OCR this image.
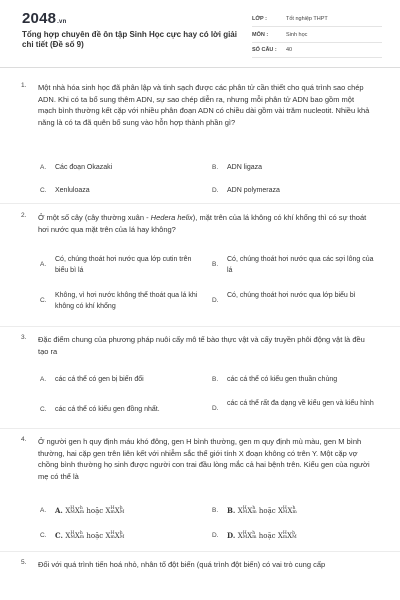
2048.vn
Tổng hợp chuyên đề ôn tập Sinh Học cực hay có lời giải chi tiết (Đề số 9)
LỚP :	Tốt nghiệp THPT
MÔN :	Sinh học
SỐ CÂU : 40
1. Một nhà hóa sinh học đã phân lập và tinh sạch được các phân tử cần thiết cho quá trình sao chép ADN. Khi có ta bổ sung thêm ADN, sự sao chép diễn ra, nhưng mỗi phân tử ADN bao gồm một mạch bình thường kết cặp với nhiều phân đoạn ADN có chiều dài gồm vài trăm nucleotit. Nhiều khả năng là có ta đã quên bổ sung vào hỗn hợp thành phần gì?
A. Các đoạn Okazaki	B. ADN ligaza
C. Xenluloaza	D. ADN polymeraza
2. Ở một số cây (cây thường xuân - Hedera helix), mặt trên của lá không có khí khổng thì có sự thoát hơi nước qua mặt trên của lá hay không?
A.
Có, chúng thoát hơi nước qua lớp cutin trên biểu bì lá
B.
Có, chúng thoát hơi nước qua các sợi lông của lá
C.
Không, vì hơi nước không thể thoát qua lá khi không có khí khổng
D.
Có, chúng thoát hơi nước qua lớp biểu bì
3. Đặc điểm chung của phương pháp nuôi cấy mô tế bào thực vật và cấy truyền phôi động vật là đều tạo ra
A. các cá thể có gen bị biến đổi	B. các cá thể có kiểu gen thuần chủng
C. các cá thể có kiểu gen đồng nhất.	D.
các cá thể rất đa dạng về kiểu gen và kiểu hình
4. Ở người gen h quy định máu khó đông, gen H bình thường, gen m quy định mù màu, gen M bình thường, hai cặp gen trên liên kết với nhiễm sắc thể giới tính X đoạn không có trên Y. Một cặp vợ chồng bình thường họ sinh được người con trai đầu lòng mắc cả hai bệnh trên. Kiểu gen của người mẹ có thể là
A. A. X H
M X h
m hoặc X H
m X h
M	B. B. X H
M X h
m hoặc X H
M X h
m
C. C. X H
M X h
m hoặc X H
m X h
M	D. D. X H
M X h
m hoặc X H
m X h
M
5. Đối với quá trình tiến hoá nhỏ, nhân tố đột biến (quá trình đột biến) có vai trò cung cấp
